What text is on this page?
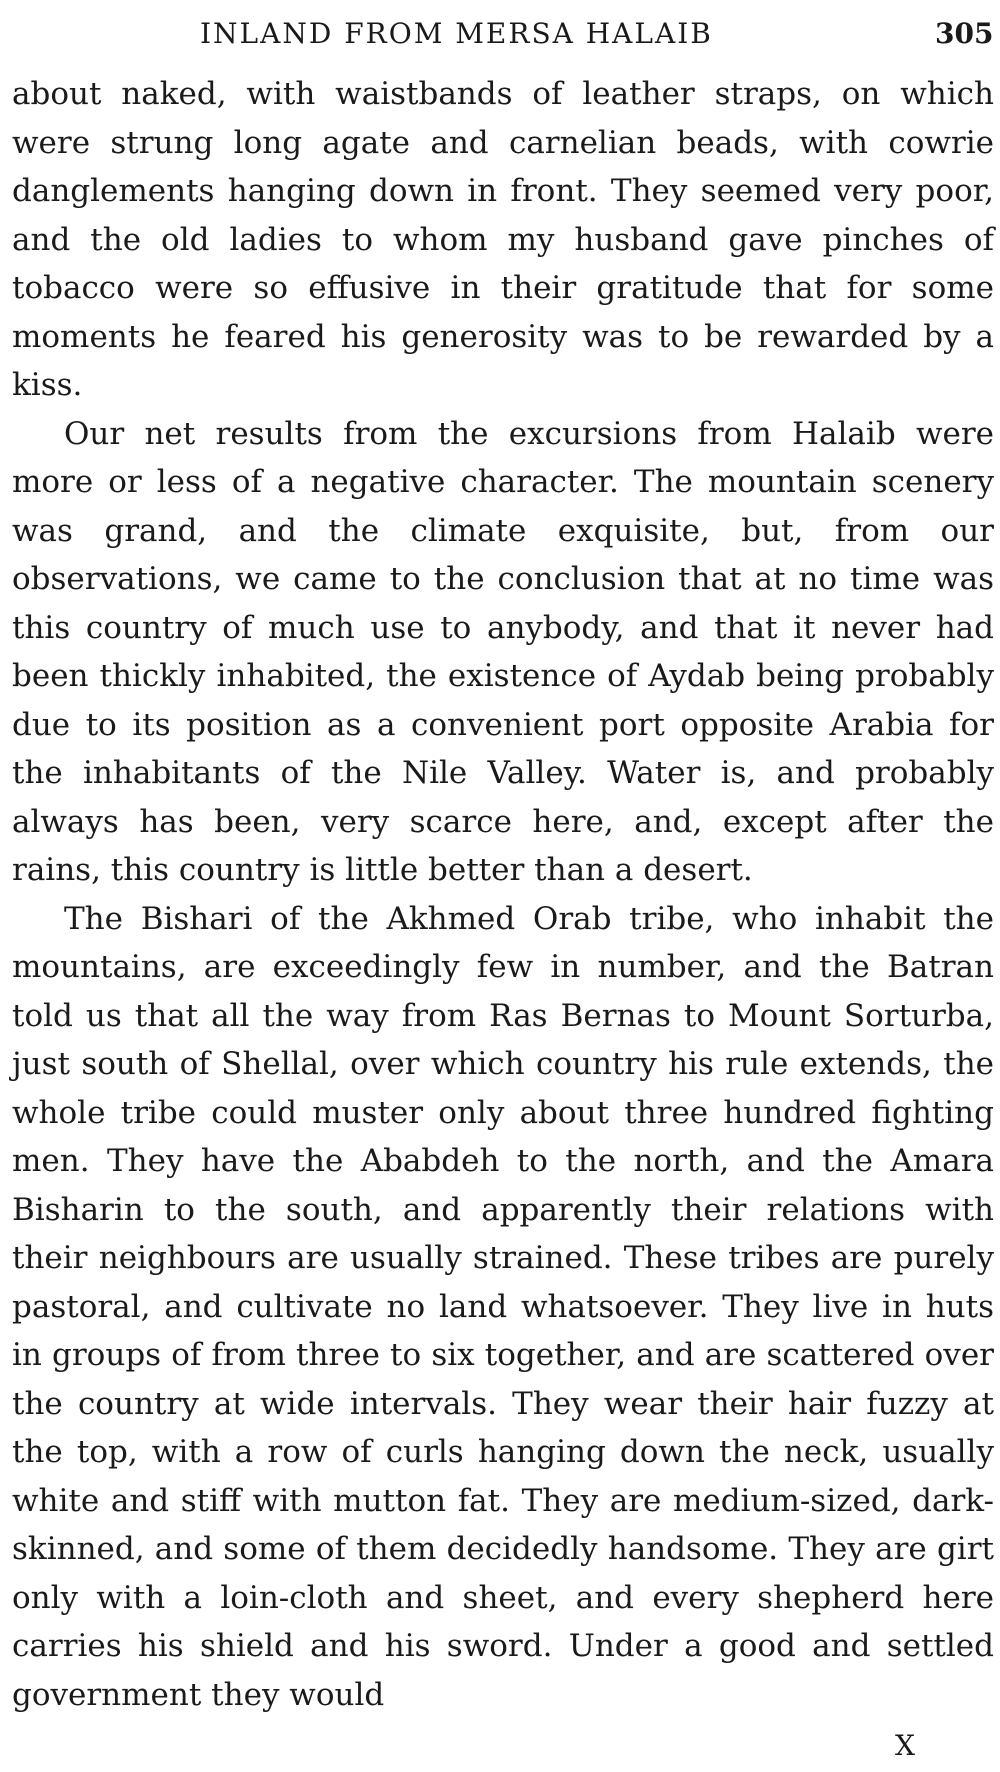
INLAND FROM MERSA HALAIB	305

about naked, with waistbands of leather straps, on which were strung long agate and carnelian beads, with cowrie danglements hanging down in front. They seemed very poor, and the old ladies to whom my husband gave pinches of tobacco were so effusive in their gratitude that for some moments he feared his generosity was to be rewarded by a kiss.

Our net results from the excursions from Halaib were more or less of a negative character. The mountain scenery was grand, and the climate exquisite, but, from our observations, we came to the conclusion that at no time was this country of much use to anybody, and that it never had been thickly inhabited, the existence of Aydab being probably due to its position as a convenient port opposite Arabia for the inhabitants of the Nile Valley. Water is, and probably always has been, very scarce here, and, except after the rains, this country is little better than a desert.

The Bishari of the Akhmed Orab tribe, who inhabit the mountains, are exceedingly few in number, and the Batran told us that all the way from Ras Bernas to Mount Sorturba, just south of Shellal, over which country his rule extends, the whole tribe could muster only about three hundred fighting men. They have the Ababdeh to the north, and the Amara Bisharin to the south, and apparently their relations with their neighbours are usually strained. These tribes are purely pastoral, and cultivate no land whatsoever. They live in huts in groups of from three to six together, and are scattered over the country at wide intervals. They wear their hair fuzzy at the top, with a row of curls hanging down the neck, usually white and stiff with mutton fat. They are medium-sized, dark-skinned, and some of them decidedly handsome. They are girt only with a loin-cloth and sheet, and every shepherd here carries his shield and his sword. Under a good and settled government they would

X
